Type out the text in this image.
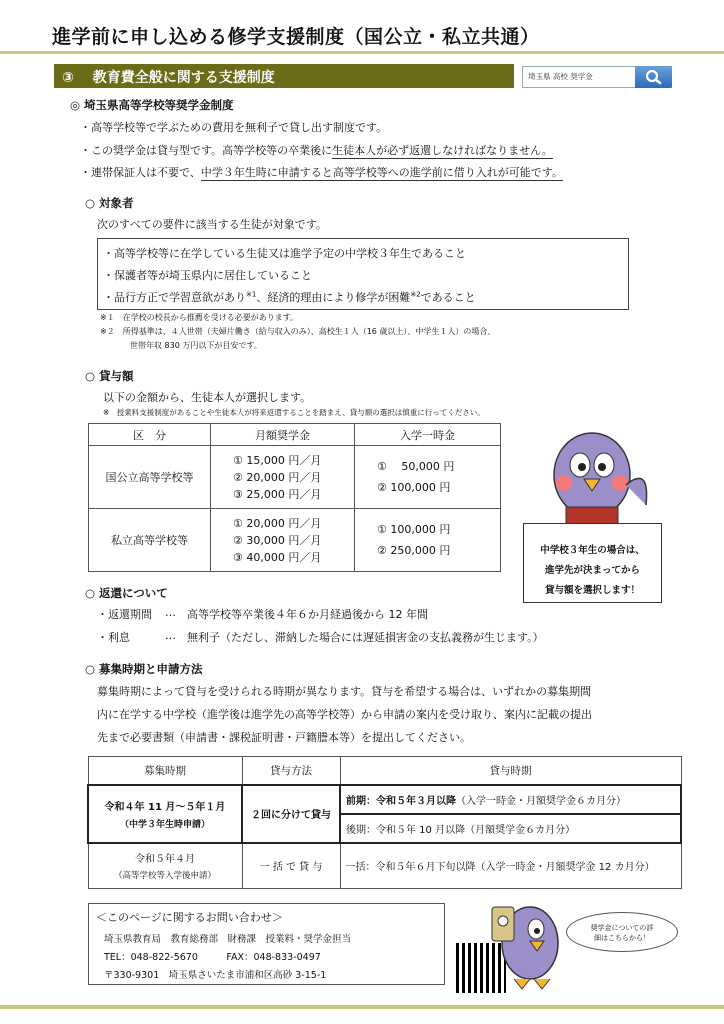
進学前に申し込める修学支援制度（国公立・私立共通）
③　 教育費全般に関する支援制度	埼玉県 高校 奨学金
◎ 埼玉県高等学校等奨学金制度
・高等学校等で学ぶための費用を無利子で貸し出す制度です。
・この奨学金は貸与型です。高等学校等の卒業後に生徒本人が必ず返還しなければなりません。
・連帯保証人は不要で、中学３年生時に申請すると高等学校等への進学前に借り入れが可能です。
○ 対象者
次のすべての要件に該当する生徒が対象です。
・高等学校等に在学している生徒又は進学予定の中学校３年生であること
・保護者等が埼玉県内に居住していること
・品行方正で学習意欲があり$^{※1}$、経済的理由により修学が困難$^{※2}$であること
※１　在学校の校長から推薦を受ける必要があります。
※２　所得基準は、４人世帯（夫婦片働き（給与収入のみ）、高校生１人（16 歳以上）、中学生１人）の場合、
世帯年収 830 万円以下が目安です。
○ 貸与額
以下の金額から、生徒本人が選択します。
※　授業料支援制度があることや生徒本人が将来返還することを踏まえ、貸与額の選択は慎重に行ってください。
区　分	月額奨学金	入学一時金
国公立高等学校等	① 15,000 円／月
② 20,000 円／月
③ 25,000 円／月	①　 50,000 円
② 100,000 円

私立高等学校等	① 20,000 円／月
② 30,000 円／月
③ 40,000 円／月	① 100,000 円
② 250,000 円	中学校３年生の場合は、
進学先が決まってから
貸与額を選択します！
○ 返還について
・返還期間 … 高等学校等卒業後４年６か月経過後から 12 年間
・利息	… 無利子（ただし、滞納した場合には遅延損害金の支払義務が生じます。）
○ 募集時期と申請方法
募集時期によって貸与を受けられる時期が異なります。貸与を希望する場合は、いずれかの募集期間
内に在学する中学校（進学後は進学先の高等学校等）から申請の案内を受け取り、案内に記載の提出
先まで必要書類（申請書・課税証明書・戸籍謄本等）を提出してください。
募集時期	貸与方法	貸与時期

令和４年 11 月～５年１月
（中学３年生時申請）	２回に分けて貸与	前期：令和５年３月以降（入学一時金・月額奨学金６カ月分）
		後期：令和５年 10 月以降（月額奨学金６カ月分）

令和５年４月
（高等学校等入学後申請）	一 括 で 貸 与	一括：令和５年６月下旬以降（入学一時金・月額奨学金 12 カ月分）
＜このページに関するお問い合わせ＞
埼玉県教育局　教育総務部　財務課　授業料・奨学金担当
TEL：048-822-5670　　　FAX：048-833-0497
〒330-9301　埼玉県さいたま市浦和区高砂 3-15-1
奨学金についての詳
細はこちらから！
